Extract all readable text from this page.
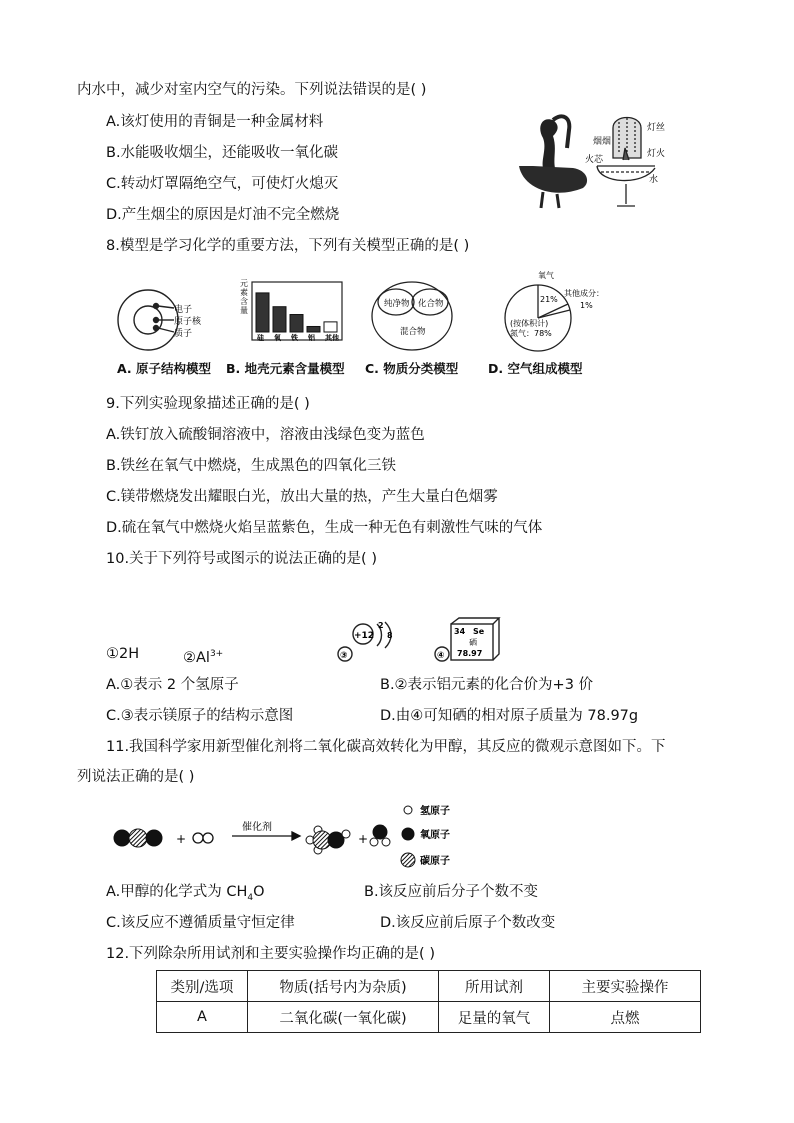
内水中，减少对室内空气的污染。下列说法错误的是( )
A.该灯使用的青铜是一种金属材料
B.水能吸收烟尘，还能吸收一氧化碳
C.转动灯罩隔绝空气，可使灯火熄灭
D.产生烟尘的原因是灯油不完全燃烧
灯丝
烟烟
灯火
火芯
水
8.模型是学习化学的重要方法，下列有关模型正确的是( )
电子
原子核
质子
元素含量
硅 氧 铁 铝 其他
纯净物 化合物
混合物
氧气
21%
其他成分：
1%
(按体积计)
氮气：78%
A. 原子结构模型 B. 地壳元素含量模型 C. 物质分类模型 D. 空气组成模型
9.下列实验现象描述正确的是( )
A.铁钉放入硫酸铜溶液中，溶液由浅绿色变为蓝色
B.铁丝在氧气中燃烧，生成黑色的四氧化三铁
C.镁带燃烧发出耀眼白光，放出大量的热，产生大量白色烟雾
D.硫在氧气中燃烧火焰呈蓝紫色，生成一种无色有刺激性气味的气体
10.关于下列符号或图示的说法正确的是( )
①2H	$②Al^{3+}$	③
+12
2
8
④
34 Se
硒
78.97
A.①表示 2 个氢原子	B.②表示铝元素的化合价为+3 价
C.③表示镁原子的结构示意图	D.由④可知硒的相对原子质量为 78.97g
11.我国科学家用新型催化剂将二氧化碳高效转化为甲醇，其反应的微观示意图如下。下
列说法正确的是( )
+
催化剂
+
氢原子
氧原子
碳原子
A.甲醇的化学式为 $CH_4O$	B.该反应前后分子个数不变
C.该反应不遵循质量守恒定律	D.该反应前后原子个数改变
12.下列除杂所用试剂和主要实验操作均正确的是( )
类别/选项	物质(括号内为杂质)	所用试剂	主要实验操作
A	二氧化碳(一氧化碳)	足量的氧气	点燃
